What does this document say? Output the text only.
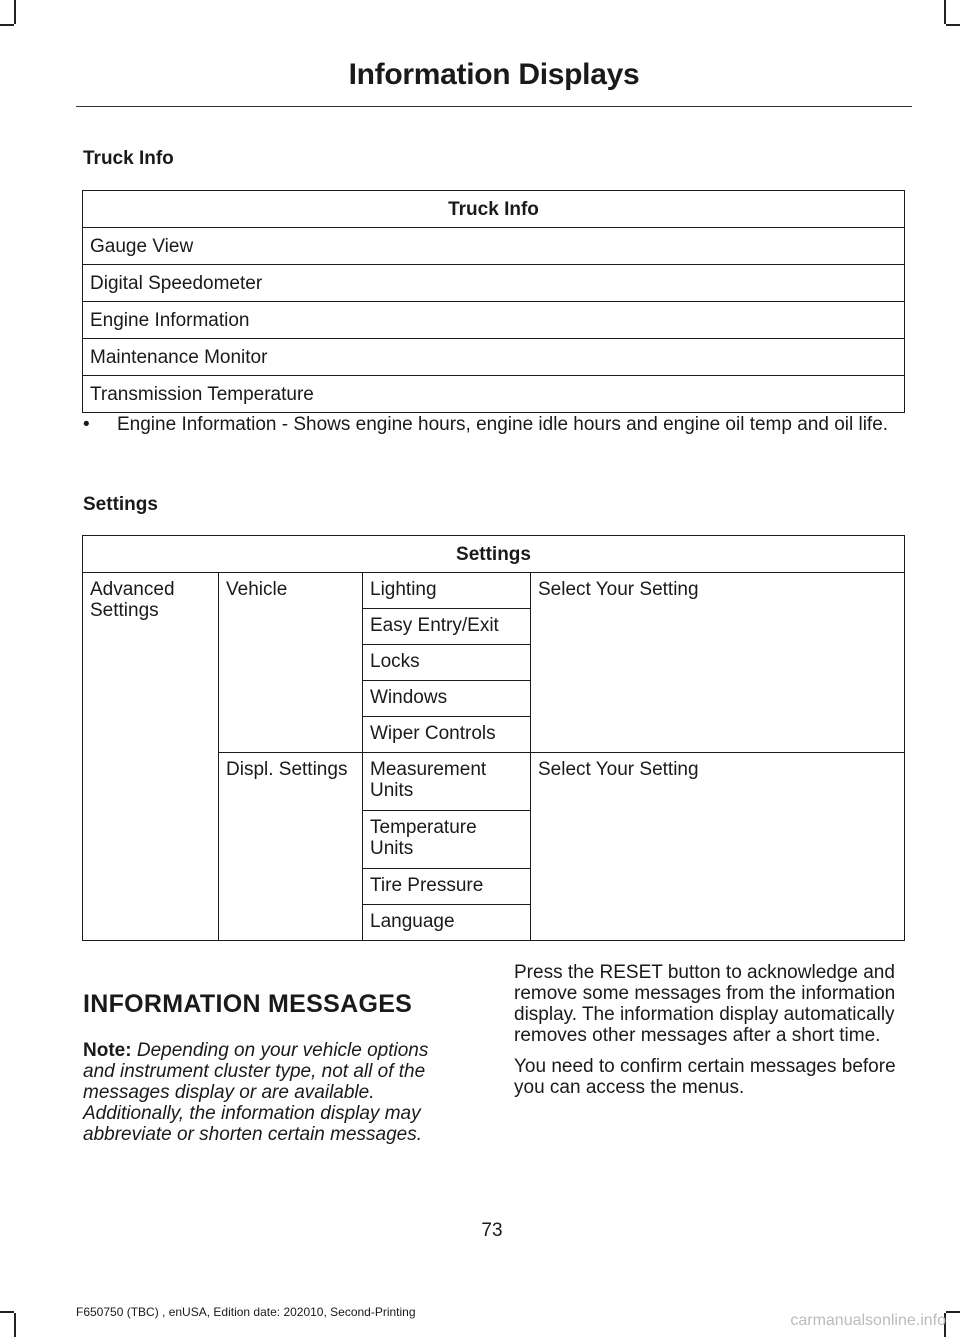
Information Displays
Truck Info
Truck Info
Gauge View
Digital Speedometer
Engine Information
Maintenance Monitor
Transmission Temperature
• Engine Information - Shows engine hours, engine idle hours and engine oil temp and oil life.
Settings
Settings			
Advanced Settings	Vehicle	Lighting	Select Your Setting
		Easy Entry/Exit	
		Locks	
		Windows	
		Wiper Controls	
	Displ. Settings	Measurement Units	Select Your Setting
		Temperature Units	
		Tire Pressure	
		Language	
INFORMATION MESSAGES
Note: Depending on your vehicle options and instrument cluster type, not all of the messages display or are available. Additionally, the information display may abbreviate or shorten certain messages.

Press the RESET button to acknowledge and remove some messages from the information display. The information display automatically removes other messages after a short time.

You need to confirm certain messages before you can access the menus.

73
F650750 (TBC) , enUSA, Edition date: 202010, Second-Printing	carmanualsonline.info
